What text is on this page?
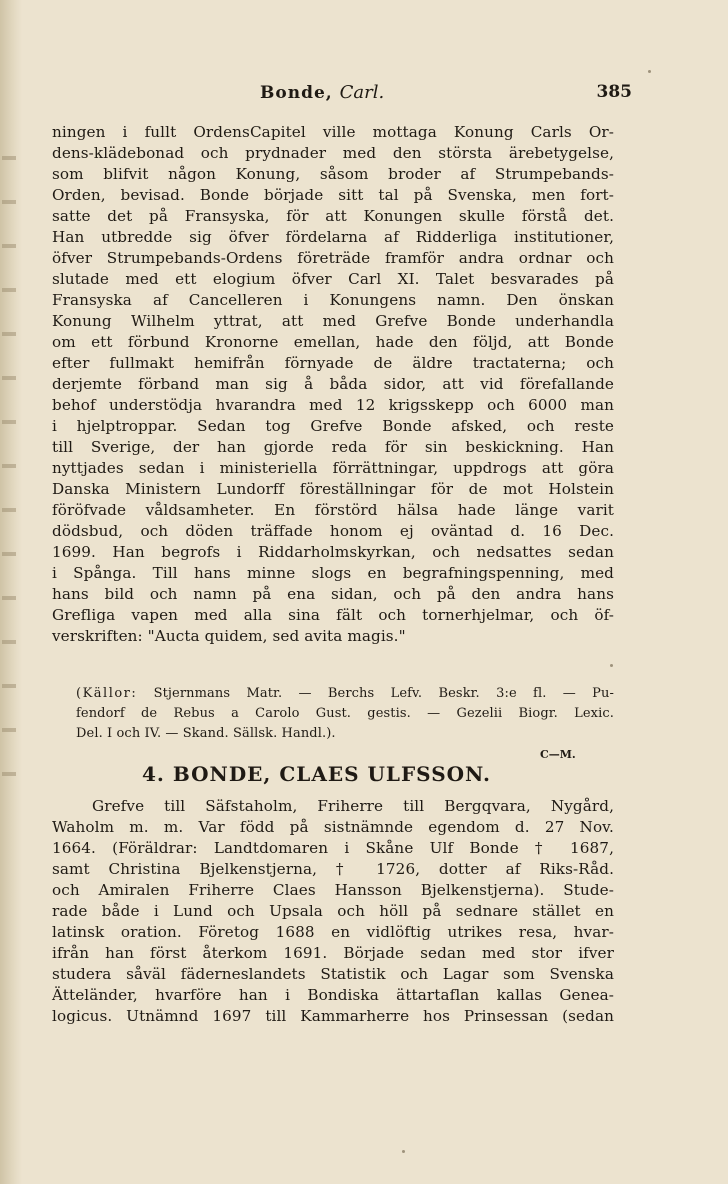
Bonde, Carl.	385
ningen i fullt OrdensCapitel ville mottaga Konung Carls Or-
dens-klädebonad och prydnader med den största ärebetygelse,
som blifvit någon Konung, såsom broder af Strumpebands-
Orden, bevisad. Bonde började sitt tal på Svenska, men fort-
satte det på Fransyska, för att Konungen skulle förstå det.
Han utbredde sig öfver fördelarna af Ridderliga institutioner,
öfver Strumpebands-Ordens företräde framför andra ordnar och
slutade med ett elogium öfver Carl XI. Talet besvarades på
Fransyska af Cancelleren i Konungens namn. Den önskan
Konung Wilhelm yttrat, att med Grefve Bonde underhandla
om ett förbund Kronorne emellan, hade den följd, att Bonde
efter fullmakt hemifrån förnyade de äldre tractaterna; och
derjemte förband man sig å båda sidor, att vid förefallande
behof understödja hvarandra med 12 krigsskepp och 6000 man
i hjelptroppar. Sedan tog Grefve Bonde afsked, och reste
till Sverige, der han gjorde reda för sin beskickning. Han
nyttjades sedan i ministeriella förrättningar, uppdrogs att göra
Danska Ministern Lundorff föreställningar för de mot Holstein
föröfvade våldsamheter. En förstörd hälsa hade länge varit
dödsbud, och döden träffade honom ej oväntad d. 16 Dec.
1699. Han begrofs i Riddarholmskyrkan, och nedsattes sedan
i Spånga. Till hans minne slogs en begrafningspenning, med
hans bild och namn på ena sidan, och på den andra hans
Grefliga vapen med alla sina fält och tornerhjelmar, och öf-
verskriften: "Aucta quidem, sed avita magis."
(Källor: Stjernmans Matr. — Berchs Lefv. Beskr. 3:e fl. — Pu-
fendorf de Rebus a Carolo Gust. gestis. — Gezelii Biogr. Lexic.
Del. I och IV. — Skand. Sällsk. Handl.).
C—M.
4. BONDE, CLAES ULFSSON.
Grefve till Säfstaholm, Friherre till Bergqvara, Nygård,
Waholm m. m. Var född på sistnämnde egendom d. 27 Nov.
1664. (Föräldrar: Landtdomaren i Skåne Ulf Bonde † 1687,
samt Christina Bjelkenstjerna, † 1726, dotter af Riks-Råd.
och Amiralen Friherre Claes Hansson Bjelkenstjerna). Stude-
rade både i Lund och Upsala och höll på sednare stället en
latinsk oration. Företog 1688 en vidlöftig utrikes resa, hvar-
ifrån han först återkom 1691. Började sedan med stor ifver
studera såväl fäderneslandets Statistik och Lagar som Svenska
Ätteländer, hvarföre han i Bondiska ättartaflan kallas Genea-
logicus. Utnämnd 1697 till Kammarherre hos Prinsessan (sedan
